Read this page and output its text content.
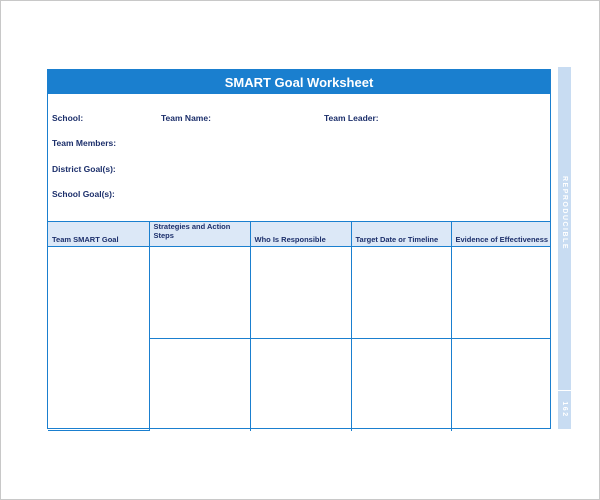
SMART Goal Worksheet
School:	Team Name:	Team Leader:
Team Members:
District Goal(s):
School Goal(s):
Team SMART Goal	Strategies and Action Steps	Who Is Responsible	Target Date or Timeline	Evidence of Effectiveness

			REPRODUCIBLE
162
